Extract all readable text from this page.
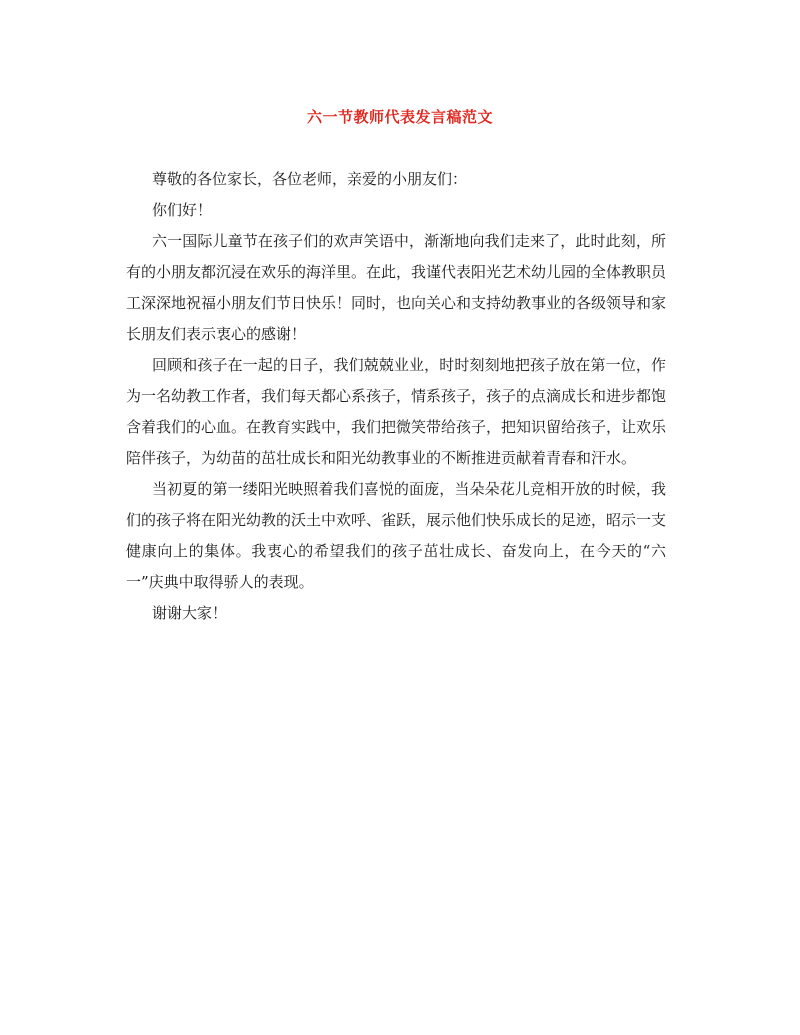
六一节教师代表发言稿范文

尊敬的各位家长，各位老师，亲爱的小朋友们：

你们好！

六一国际儿童节在孩子们的欢声笑语中，渐渐地向我们走来了，此时此刻，所有的小朋友都沉浸在欢乐的海洋里。在此，我谨代表阳光艺术幼儿园的全体教职员工深深地祝福小朋友们节日快乐！同时，也向关心和支持幼教事业的各级领导和家长朋友们表示衷心的感谢！

回顾和孩子在一起的日子，我们兢兢业业，时时刻刻地把孩子放在第一位，作为一名幼教工作者，我们每天都心系孩子，情系孩子，孩子的点滴成长和进步都饱含着我们的心血。在教育实践中，我们把微笑带给孩子，把知识留给孩子，让欢乐陪伴孩子，为幼苗的茁壮成长和阳光幼教事业的不断推进贡献着青春和汗水。

当初夏的第一缕阳光映照着我们喜悦的面庞，当朵朵花儿竞相开放的时候，我们的孩子将在阳光幼教的沃土中欢呼、雀跃，展示他们快乐成长的足迹，昭示一支健康向上的集体。我衷心的希望我们的孩子茁壮成长、奋发向上，在今天的“六一”庆典中取得骄人的表现。

谢谢大家！
